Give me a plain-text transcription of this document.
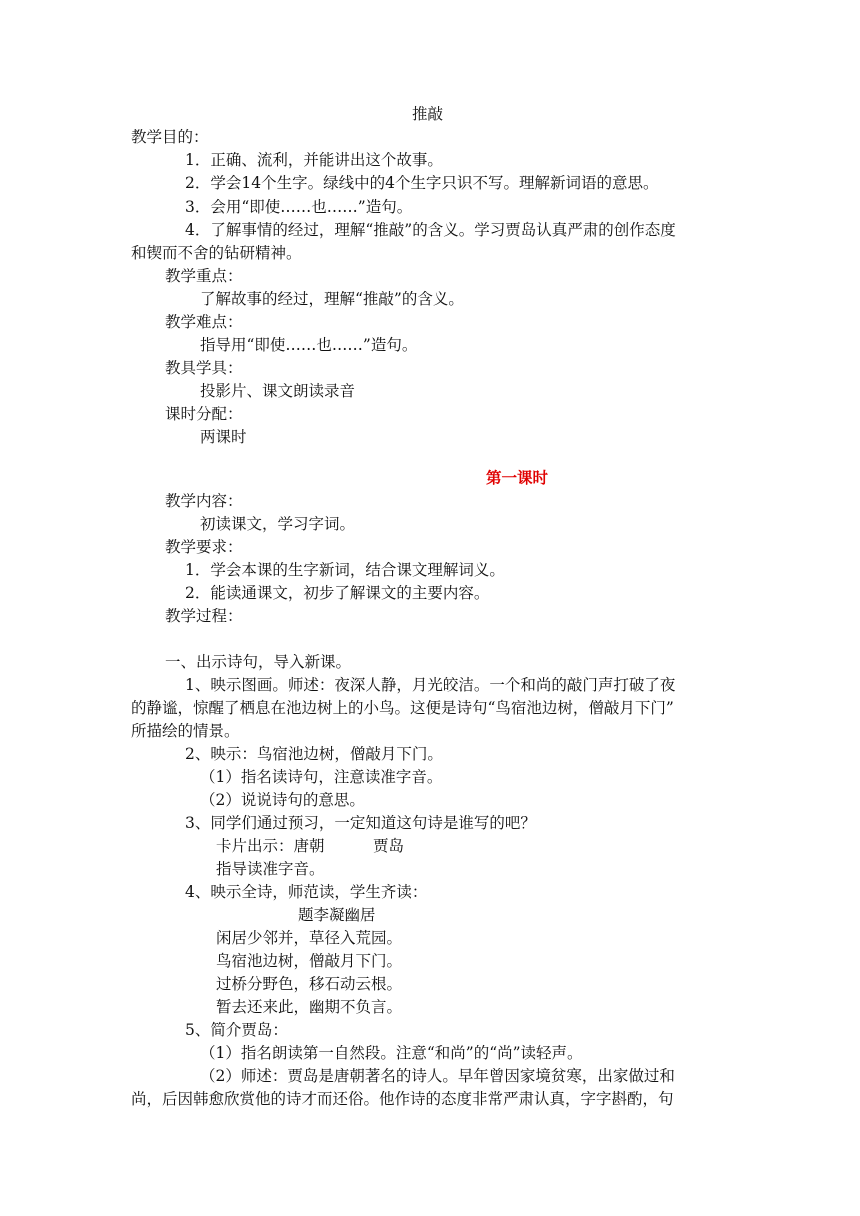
推敲
教学目的：
1．正确、流利，并能讲出这个故事。
2．学会14个生字。绿线中的4个生字只识不写。理解新词语的意思。
3．会用“即使……也……”造句。
4．了解事情的经过，理解“推敲”的含义。学习贾岛认真严肃的创作态度
和锲而不舍的钻研精神。
教学重点：
了解故事的经过，理解“推敲”的含义。
教学难点：
指导用“即使……也……”造句。
教具学具：
投影片、课文朗读录音
课时分配：
两课时
第一课时
教学内容：
初读课文，学习字词。
教学要求：
1．学会本课的生字新词，结合课文理解词义。
2．能读通课文，初步了解课文的主要内容。
教学过程：
一、出示诗句，导入新课。
1、映示图画。师述：夜深人静，月光皎洁。一个和尚的敲门声打破了夜
的静谧，惊醒了栖息在池边树上的小鸟。这便是诗句“鸟宿池边树，僧敲月下门”
所描绘的情景。
2、映示：鸟宿池边树，僧敲月下门。
（1）指名读诗句，注意读准字音。
（2）说说诗句的意思。
3、同学们通过预习，一定知道这句诗是谁写的吧？
卡片出示：唐朝	贾岛
指导读准字音。
4、映示全诗，师范读，学生齐读：
题李凝幽居
闲居少邻并，草径入荒园。
鸟宿池边树，僧敲月下门。
过桥分野色，移石动云根。
暂去还来此，幽期不负言。
5、简介贾岛：
（1）指名朗读第一自然段。注意“和尚”的“尚”读轻声。
（2）师述：贾岛是唐朝著名的诗人。早年曾因家境贫寒，出家做过和
尚，后因韩愈欣赏他的诗才而还俗。他作诗的态度非常严肃认真，字字斟酌，句
